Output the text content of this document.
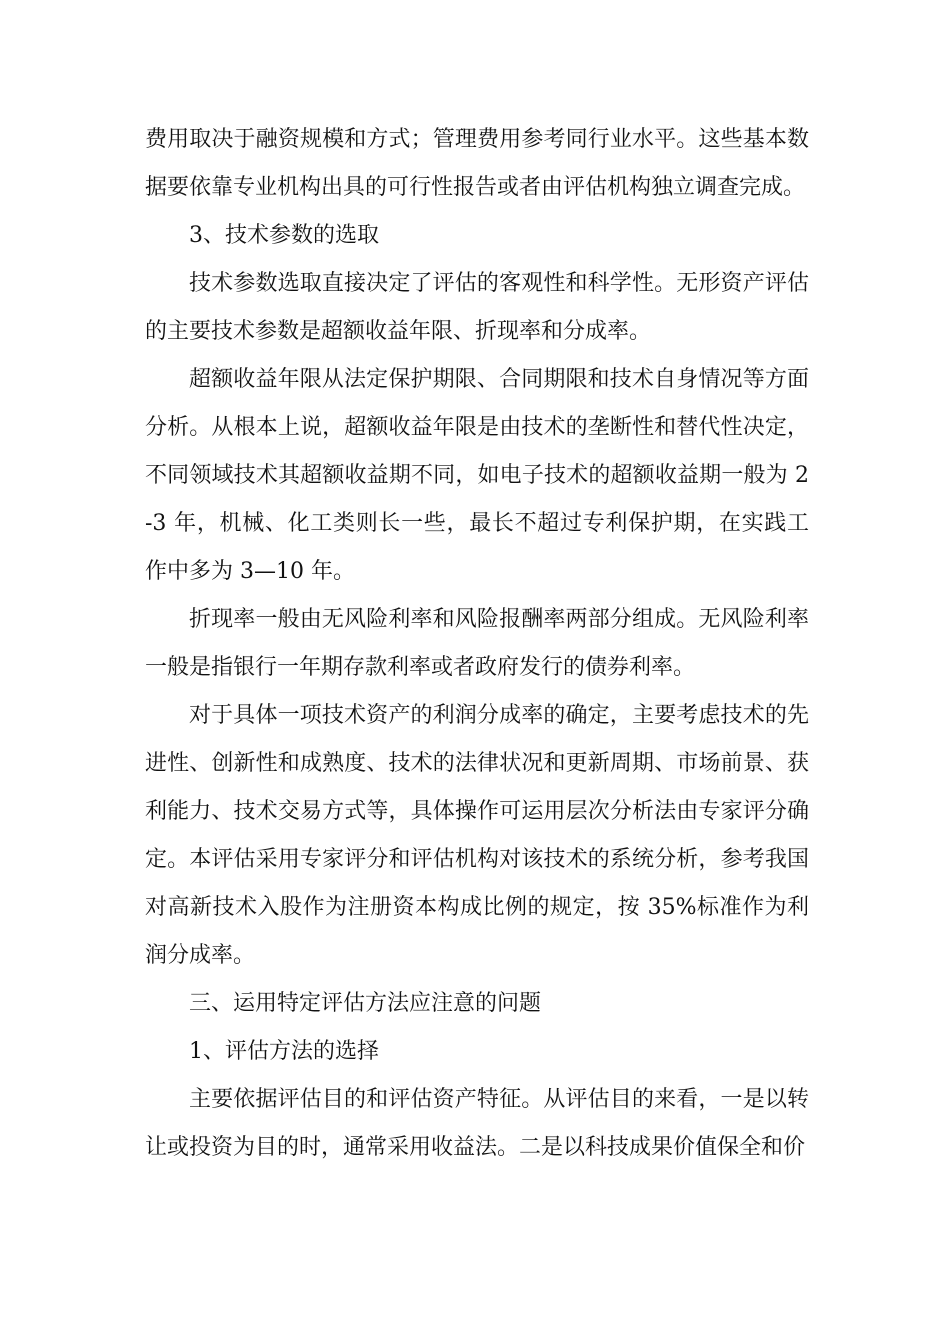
费用取决于融资规模和方式；管理费用参考同行业水平。这些基本数据要依靠专业机构出具的可行性报告或者由评估机构独立调查完成。

3、技术参数的选取

技术参数选取直接决定了评估的客观性和科学性。无形资产评估的主要技术参数是超额收益年限、折现率和分成率。

超额收益年限从法定保护期限、合同期限和技术自身情况等方面分析。从根本上说，超额收益年限是由技术的垄断性和替代性决定，不同领域技术其超额收益期不同，如电子技术的超额收益期一般为 2-3 年，机械、化工类则长一些，最长不超过专利保护期，在实践工作中多为 3—10 年。

折现率一般由无风险利率和风险报酬率两部分组成。无风险利率一般是指银行一年期存款利率或者政府发行的债券利率。

对于具体一项技术资产的利润分成率的确定，主要考虑技术的先进性、创新性和成熟度、技术的法律状况和更新周期、市场前景、获利能力、技术交易方式等，具体操作可运用层次分析法由专家评分确定。本评估采用专家评分和评估机构对该技术的系统分析，参考我国对高新技术入股作为注册资本构成比例的规定，按 35%标准作为利润分成率。

三、运用特定评估方法应注意的问题

1、评估方法的选择

主要依据评估目的和评估资产特征。从评估目的来看，一是以转让或投资为目的时，通常采用收益法。二是以科技成果价值保全和价
